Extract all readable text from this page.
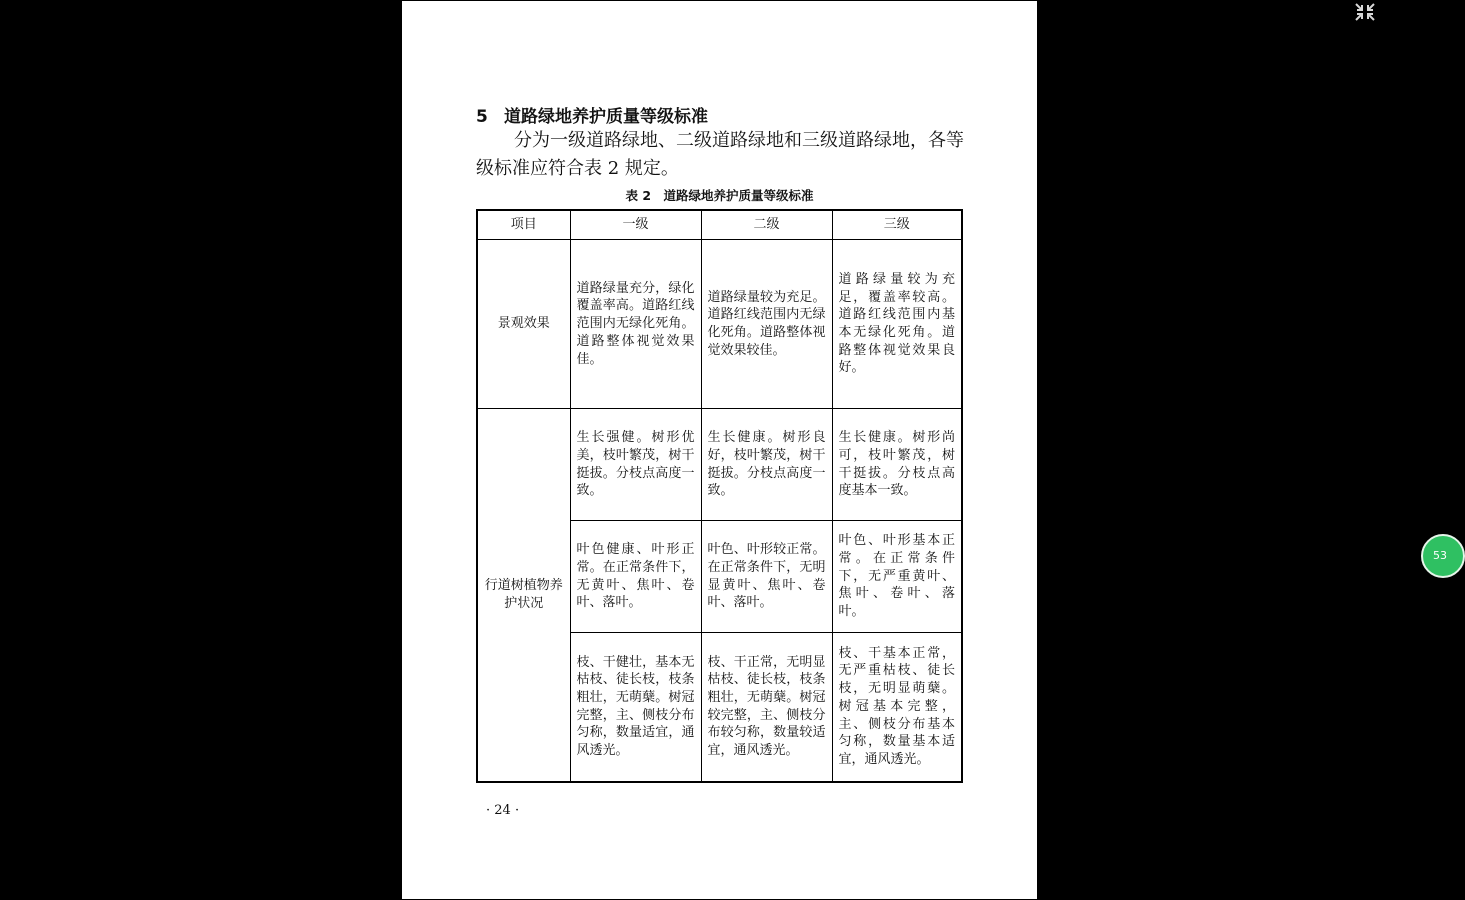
5 道路绿地养护质量等级标准
分为一级道路绿地、二级道路绿地和三级道路绿地，各等级标准应符合表 2 规定。
表 2　道路绿地养护质量等级标准
项目	一级	二级	三级
景观效果	道路绿量充分，绿化覆盖率高。道路红线范围内无绿化死角。道路整体视觉效果佳。	道路绿量较为充足。道路红线范围内无绿化死角。道路整体视觉效果较佳。	道路绿量较为充足，覆盖率较高。道路红线范围内基本无绿化死角。道路整体视觉效果良好。
行道树植物养护状况	生长强健。树形优美，枝叶繁茂，树干挺拔。分枝点高度一致。	生长健康。树形良好，枝叶繁茂，树干挺拔。分枝点高度一致。	生长健康。树形尚可，枝叶繁茂，树干挺拔。分枝点高度基本一致。
	叶色健康、叶形正常。在正常条件下，无黄叶、焦叶、卷叶、落叶。	叶色、叶形较正常。在正常条件下，无明显黄叶、焦叶、卷叶、落叶。	叶色、叶形基本正常。在正常条件下，无严重黄叶、焦叶、卷叶、落叶。
	枝、干健壮，基本无枯枝、徒长枝，枝条粗壮，无萌蘖。树冠完整，主、侧枝分布匀称，数量适宜，通风透光。	枝、干正常，无明显枯枝、徒长枝，枝条粗壮，无萌蘖。树冠较完整，主、侧枝分布较匀称，数量较适宜，通风透光。	枝、干基本正常，无严重枯枝、徒长枝，无明显萌蘖。树冠基本完整，主、侧枝分布基本匀称，数量基本适宜，通风透光。
· 24 ·
53
